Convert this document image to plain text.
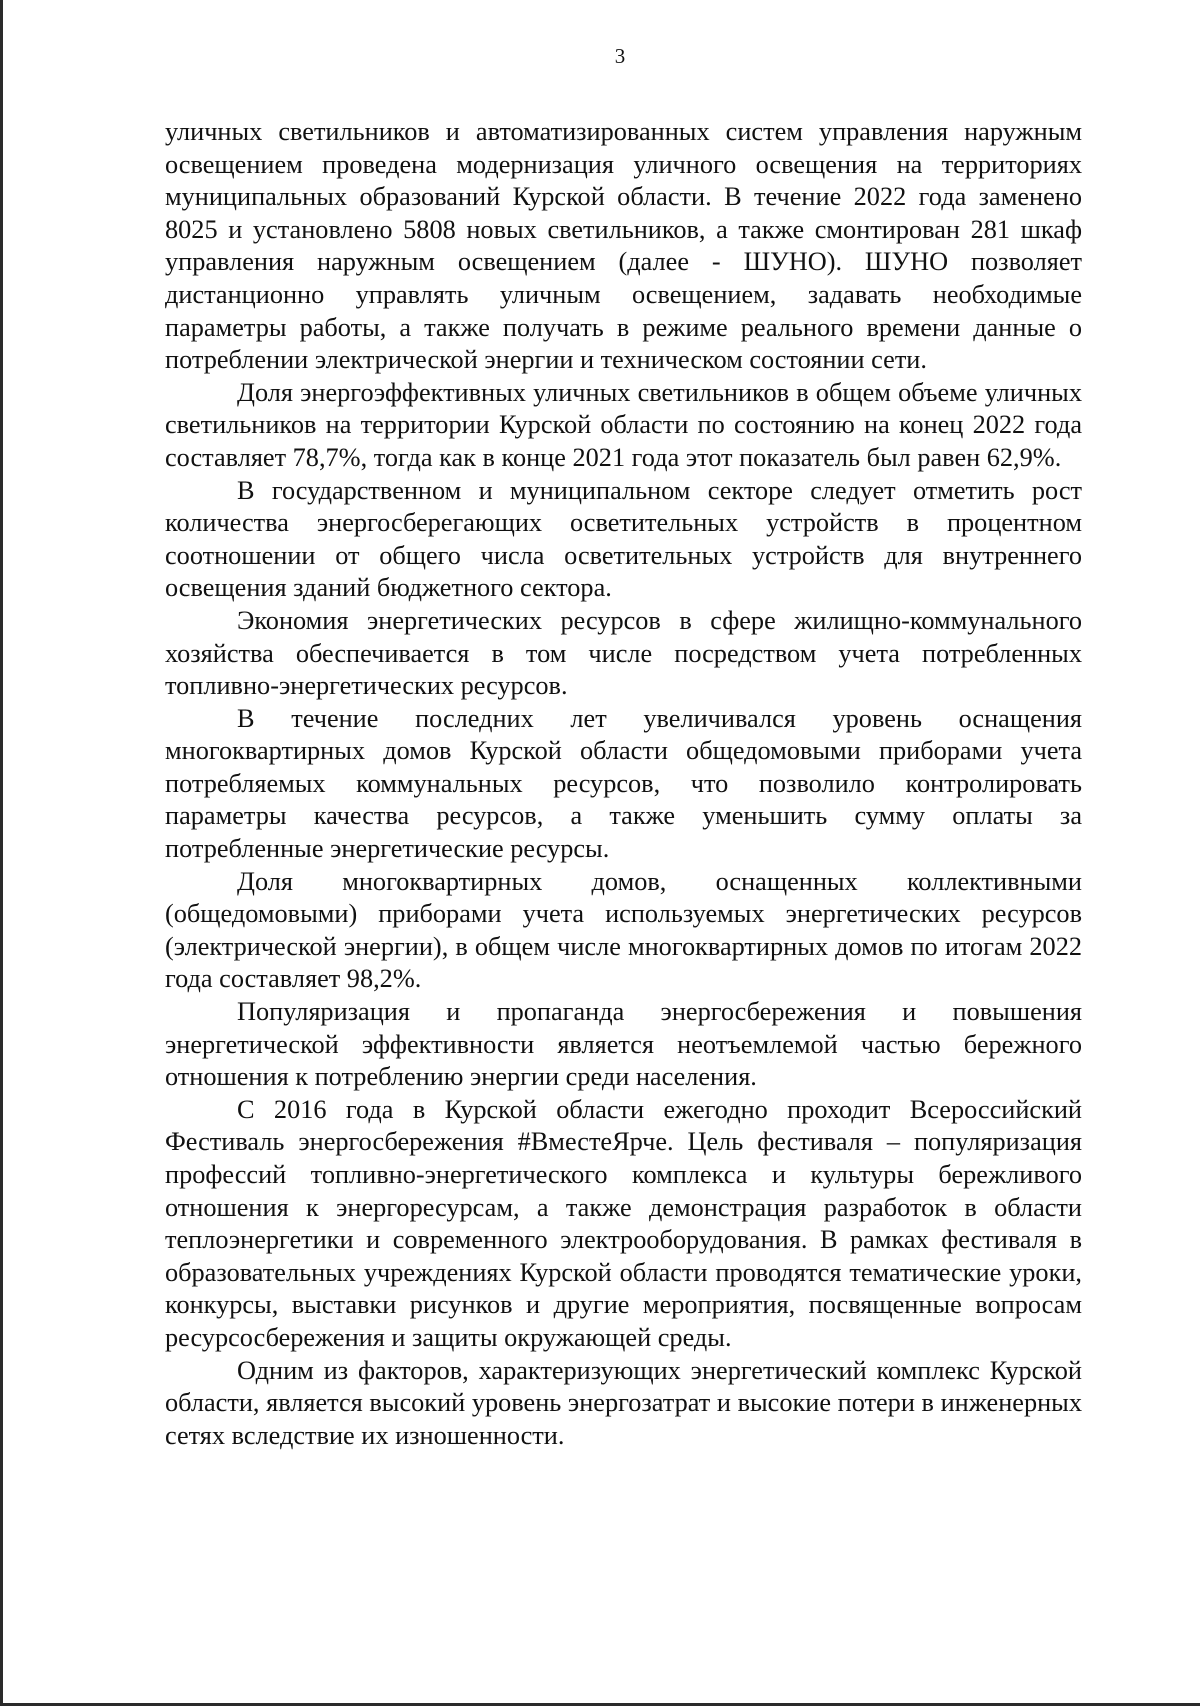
3

уличных светильников и автоматизированных систем управления наружным освещением проведена модернизация уличного освещения на территориях муниципальных образований Курской области. В течение 2022 года заменено 8025 и установлено 5808 новых светильников, а также смонтирован 281 шкаф управления наружным освещением (далее - ШУНО). ШУНО позволяет дистанционно управлять уличным освещением, задавать необходимые параметры работы, а также получать в режиме реального времени данные о потреблении электрической энергии и техническом состоянии сети.

Доля энергоэффективных уличных светильников в общем объеме уличных светильников на территории Курской области по состоянию на конец 2022 года составляет 78,7%, тогда как в конце 2021 года этот показатель был равен 62,9%.

В государственном и муниципальном секторе следует отметить рост количества энергосберегающих осветительных устройств в процентном соотношении от общего числа осветительных устройств для внутреннего освещения зданий бюджетного сектора.

Экономия энергетических ресурсов в сфере жилищно-коммунального хозяйства обеспечивается в том числе посредством учета потребленных топливно-энергетических ресурсов.

В течение последних лет увеличивался уровень оснащения многоквартирных домов Курской области общедомовыми приборами учета потребляемых коммунальных ресурсов, что позволило контролировать параметры качества ресурсов, а также уменьшить сумму оплаты за потребленные энергетические ресурсы.

Доля многоквартирных домов, оснащенных коллективными (общедомовыми) приборами учета используемых энергетических ресурсов (электрической энергии), в общем числе многоквартирных домов по итогам 2022 года составляет 98,2%.

Популяризация и пропаганда энергосбережения и повышения энергетической эффективности является неотъемлемой частью бережного отношения к потреблению энергии среди населения.

С 2016 года в Курской области ежегодно проходит Всероссийский Фестиваль энергосбережения #ВместеЯрче. Цель фестиваля – популяризация профессий топливно-энергетического комплекса и культуры бережливого отношения к энергоресурсам, а также демонстрация разработок в области теплоэнергетики и современного электрооборудования. В рамках фестиваля в образовательных учреждениях Курской области проводятся тематические уроки, конкурсы, выставки рисунков и другие мероприятия, посвященные вопросам ресурсосбережения и защиты окружающей среды.

Одним из факторов, характеризующих энергетический комплекс Курской области, является высокий уровень энергозатрат и высокие потери в инженерных сетях вследствие их изношенности.
